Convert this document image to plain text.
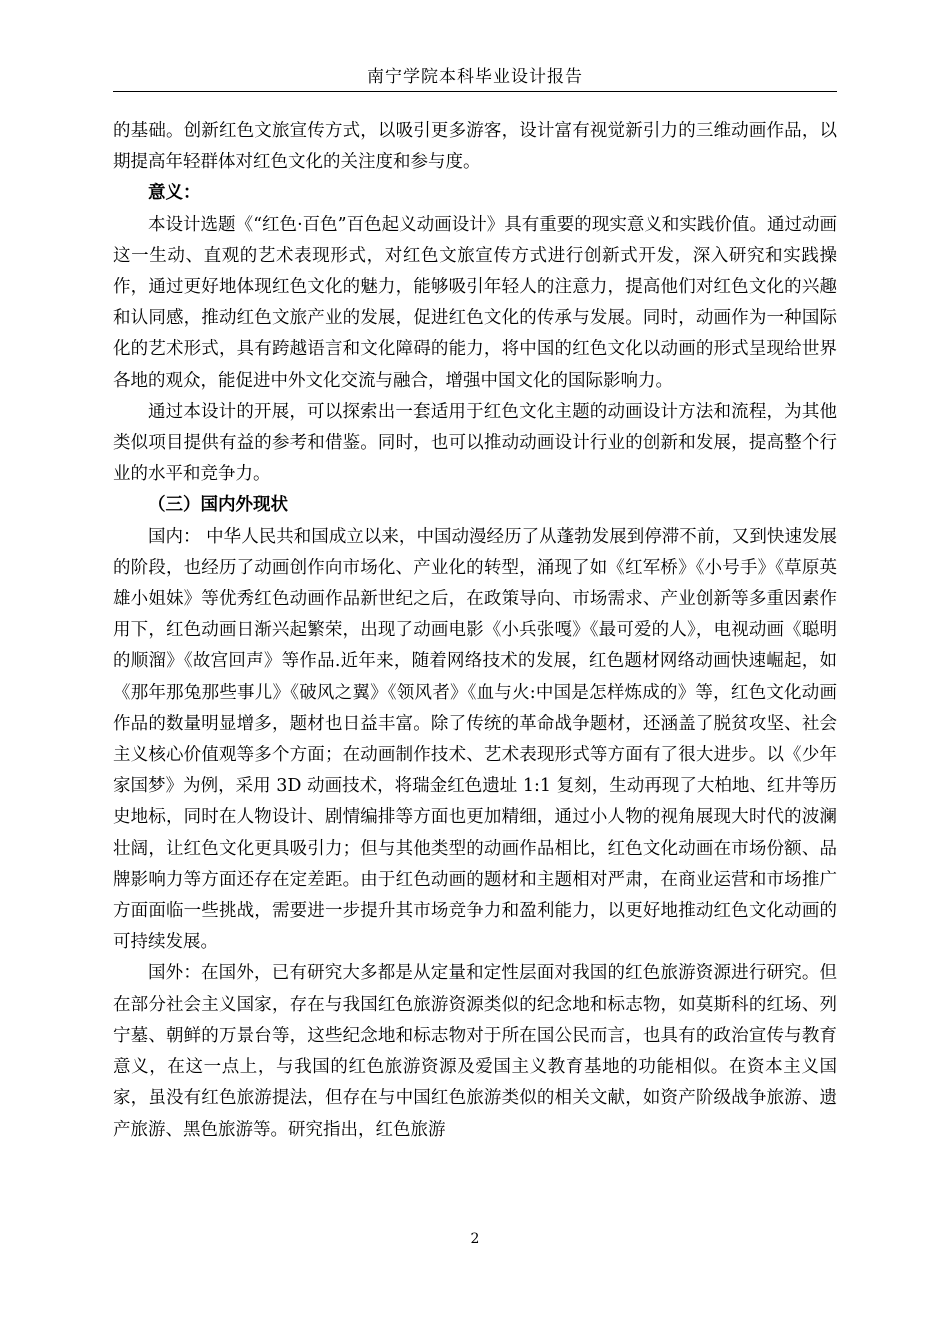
南宁学院本科毕业设计报告

的基础。创新红色文旅宣传方式，以吸引更多游客，设计富有视觉新引力的三维动画作品，以期提高年轻群体对红色文化的关注度和参与度。

意义：

本设计选题《“红色·百色”百色起义动画设计》具有重要的现实意义和实践价值。通过动画这一生动、直观的艺术表现形式，对红色文旅宣传方式进行创新式开发，深入研究和实践操作，通过更好地体现红色文化的魅力，能够吸引年轻人的注意力，提高他们对红色文化的兴趣和认同感，推动红色文旅产业的发展，促进红色文化的传承与发展。同时，动画作为一种国际化的艺术形式，具有跨越语言和文化障碍的能力，将中国的红色文化以动画的形式呈现给世界各地的观众，能促进中外文化交流与融合，增强中国文化的国际影响力。

通过本设计的开展，可以探索出一套适用于红色文化主题的动画设计方法和流程，为其他类似项目提供有益的参考和借鉴。同时，也可以推动动画设计行业的创新和发展，提高整个行业的水平和竞争力。

（三）国内外现状

国内： 中华人民共和国成立以来，中国动漫经历了从蓬勃发展到停滞不前，又到快速发展的阶段，也经历了动画创作向市场化、产业化的转型，涌现了如《红军桥》《小号手》《草原英雄小姐妹》等优秀红色动画作品新世纪之后，在政策导向、市场需求、产业创新等多重因素作用下，红色动画日渐兴起繁荣，出现了动画电影《小兵张嘎》《最可爱的人》，电视动画《聪明的顺溜》《故宫回声》等作品.近年来，随着网络技术的发展，红色题材网络动画快速崛起，如《那年那兔那些事儿》《破风之翼》《领风者》《血与火:中国是怎样炼成的》等，红色文化动画作品的数量明显增多，题材也日益丰富。除了传统的革命战争题材，还涵盖了脱贫攻坚、社会主义核心价值观等多个方面；在动画制作技术、艺术表现形式等方面有了很大进步。以《少年家国梦》为例，采用 3D 动画技术，将瑞金红色遗址 1:1 复刻，生动再现了大柏地、红井等历史地标，同时在人物设计、剧情编排等方面也更加精细，通过小人物的视角展现大时代的波澜壮阔，让红色文化更具吸引力；但与其他类型的动画作品相比，红色文化动画在市场份额、品牌影响力等方面还存在定差距。由于红色动画的题材和主题相对严肃，在商业运营和市场推广方面面临一些挑战，需要进一步提升其市场竞争力和盈利能力，以更好地推动红色文化动画的可持续发展。

国外：在国外，已有研究大多都是从定量和定性层面对我国的红色旅游资源进行研究。但在部分社会主义国家，存在与我国红色旅游资源类似的纪念地和标志物，如莫斯科的红场、列宁墓、朝鲜的万景台等，这些纪念地和标志物对于所在国公民而言，也具有的政治宣传与教育意义，在这一点上，与我国的红色旅游资源及爱国主义教育基地的功能相似。在资本主义国家，虽没有红色旅游提法，但存在与中国红色旅游类似的相关文献，如资产阶级战争旅游、遗产旅游、黑色旅游等。研究指出，红色旅游

2
